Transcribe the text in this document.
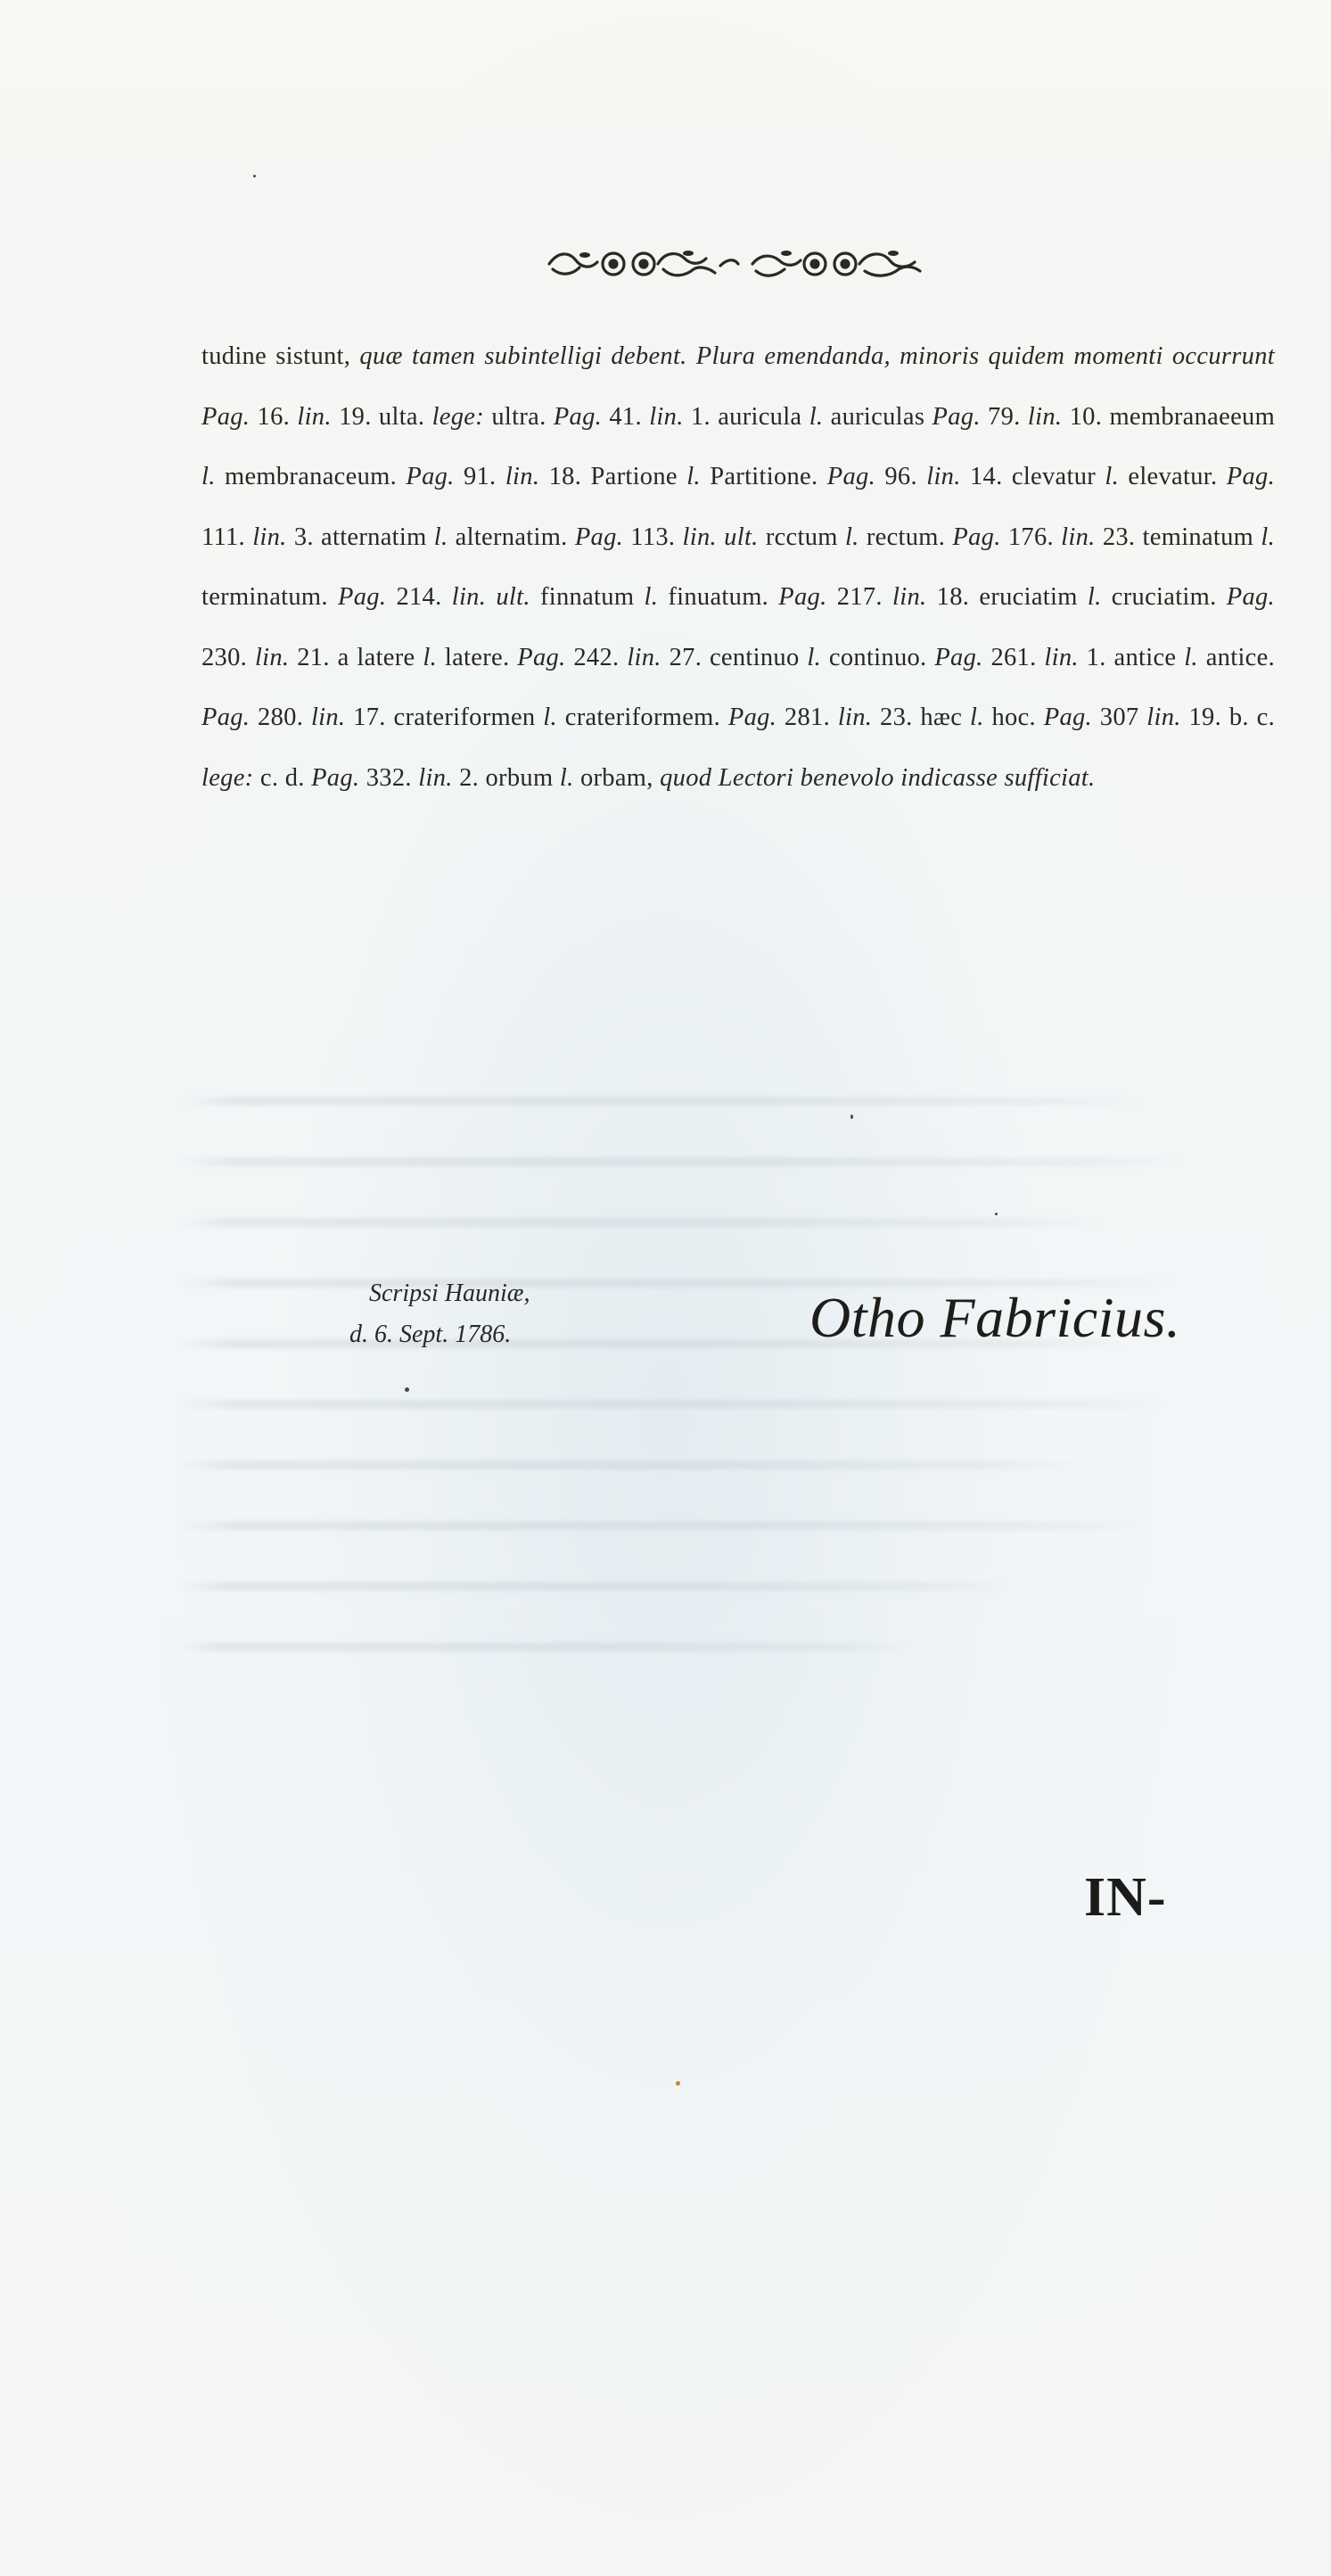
tudine sistunt, quæ tamen subintelligi debent. Plura emendanda, minoris quidem momenti occurrunt Pag. 16. lin. 19. ulta. lege: ultra. Pag. 41. lin. 1. auricula l. auriculas Pag. 79. lin. 10. membranaeeum l. membranaceum. Pag. 91. lin. 18. Partione l. Partitione. Pag. 96. lin. 14. clevatur l. elevatur. Pag. 111. lin. 3. atternatim l. alternatim. Pag. 113. lin. ult. rcctum l. rectum. Pag. 176. lin. 23. teminatum l. terminatum. Pag. 214. lin. ult. finnatum l. finuatum. Pag. 217. lin. 18. eruciatim l. cruciatim. Pag. 230. lin. 21. a latere l. latere. Pag. 242. lin. 27. centinuo l. continuo. Pag. 261. lin. 1. antice l. antice. Pag. 280. lin. 17. crateriformen l. crateriformem. Pag. 281. lin. 23. hæc l. hoc. Pag. 307 lin. 19. b. c. lege: c. d. Pag. 332. lin. 2. orbum l. orbam, quod Lectori benevolo indicasse sufficiat.

Scripsi Hauniæ,
d. 6. Sept. 1786.	Otho Fabricius.
IN-
